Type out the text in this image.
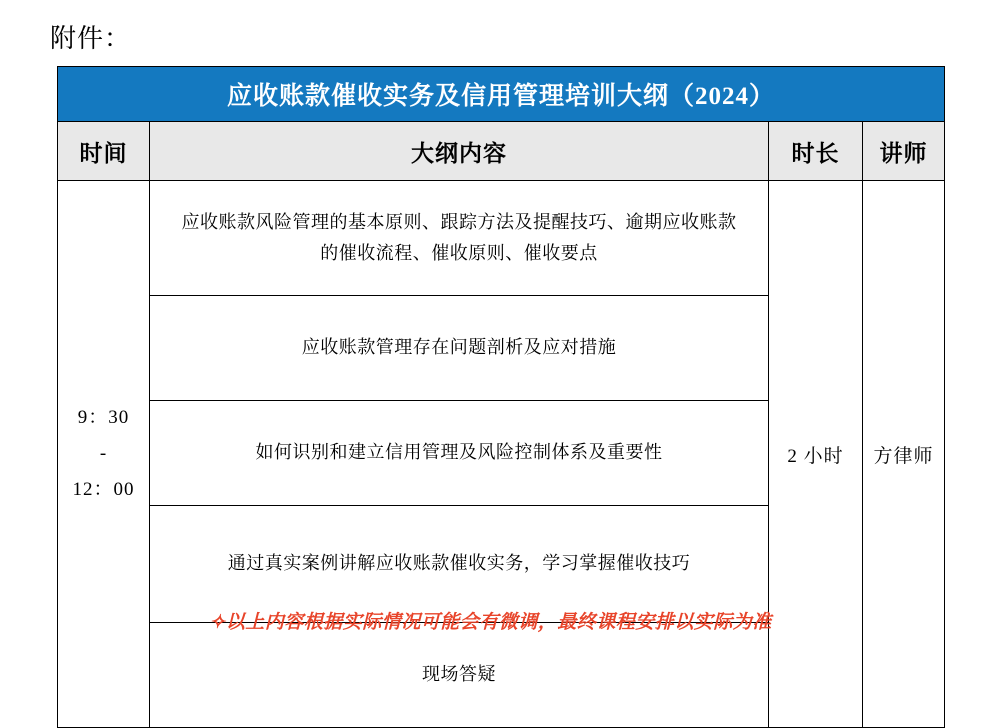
附件：
应收账款催收实务及信用管理培训大纲（2024）			
时间	大纲内容	时长	讲师

9：30
-
12：00	应收账款风险管理的基本原则、跟踪方法及提醒技巧、逾期应收账款的催收流程、催收原则、催收要点	2 小时	方律师
	应收账款管理存在问题剖析及应对措施		
	如何识别和建立信用管理及风险控制体系及重要性		
	通过真实案例讲解应收账款催收实务，学习掌握催收技巧		
	现场答疑		
✧以上内容根据实际情况可能会有微调，最终课程安排以实际为准
